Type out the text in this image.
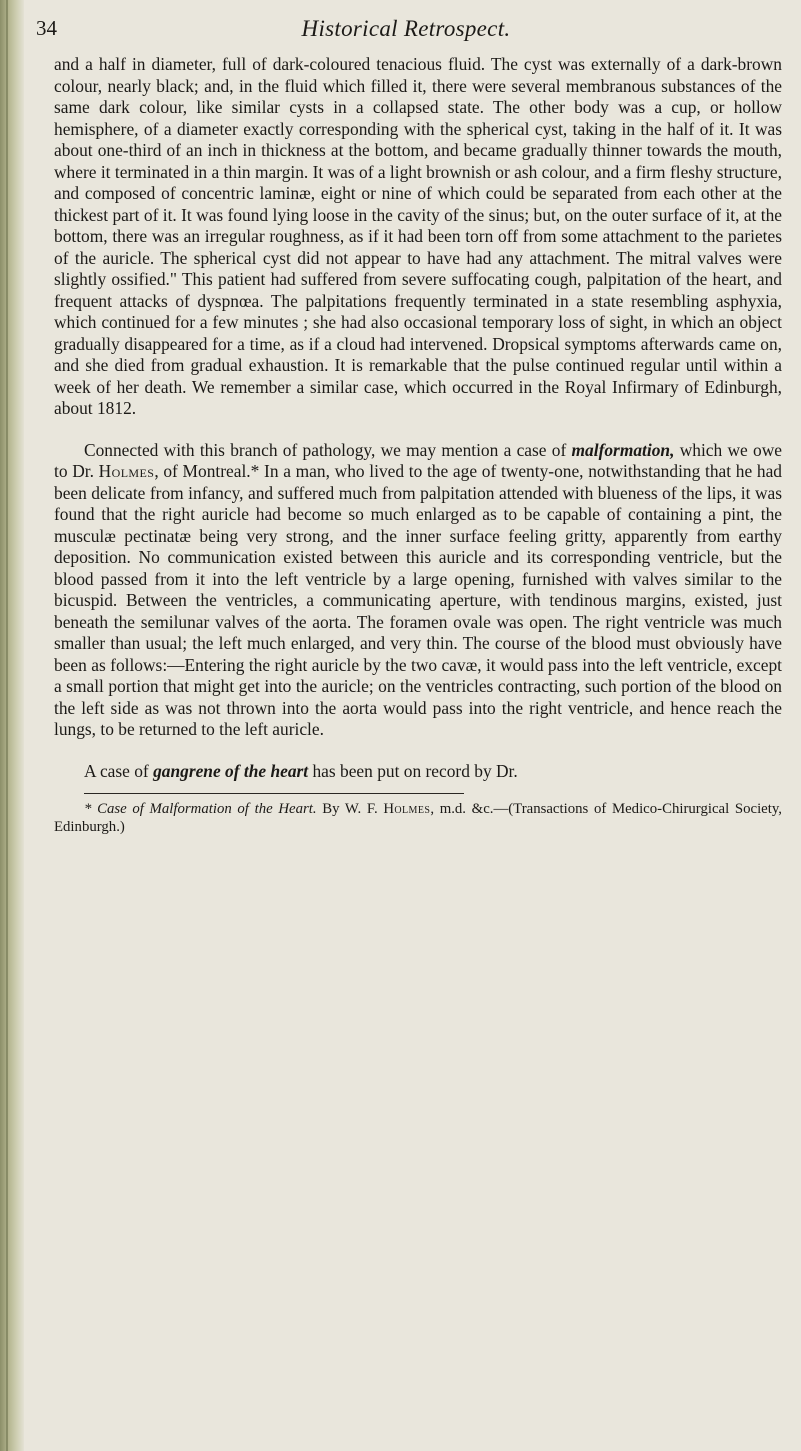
34	Historical Retrospect.

and a half in diameter, full of dark-coloured tenacious fluid. The cyst was externally of a dark-brown colour, nearly black; and, in the fluid which filled it, there were several membranous substances of the same dark colour, like similar cysts in a collapsed state. The other body was a cup, or hollow hemisphere, of a diameter exactly corresponding with the spherical cyst, taking in the half of it. It was about one-third of an inch in thickness at the bottom, and became gradually thinner towards the mouth, where it terminated in a thin margin. It was of a light brownish or ash colour, and a firm fleshy structure, and composed of concentric laminæ, eight or nine of which could be separated from each other at the thickest part of it. It was found lying loose in the cavity of the sinus; but, on the outer surface of it, at the bottom, there was an irregular roughness, as if it had been torn off from some attachment to the parietes of the auricle. The spherical cyst did not appear to have had any attachment. The mitral valves were slightly ossified." This patient had suffered from severe suffocating cough, palpitation of the heart, and frequent attacks of dyspnœa. The palpitations frequently terminated in a state resembling asphyxia, which continued for a few minutes ; she had also occasional temporary loss of sight, in which an object gradually disappeared for a time, as if a cloud had intervened. Dropsical symptoms afterwards came on, and she died from gradual exhaustion. It is remarkable that the pulse continued regular until within a week of her death. We remember a similar case, which occurred in the Royal Infirmary of Edinburgh, about 1812.

Connected with this branch of pathology, we may mention a case of malformation, which we owe to Dr. Holmes, of Montreal.* In a man, who lived to the age of twenty-one, notwithstanding that he had been delicate from infancy, and suffered much from palpitation attended with blueness of the lips, it was found that the right auricle had become so much enlarged as to be capable of containing a pint, the musculæ pectinatæ being very strong, and the inner surface feeling gritty, apparently from earthy deposition. No communication existed between this auricle and its corresponding ventricle, but the blood passed from it into the left ventricle by a large opening, furnished with valves similar to the bicuspid. Between the ventricles, a communicating aperture, with tendinous margins, existed, just beneath the semilunar valves of the aorta. The foramen ovale was open. The right ventricle was much smaller than usual; the left much enlarged, and very thin. The course of the blood must obviously have been as follows:—Entering the right auricle by the two cavæ, it would pass into the left ventricle, except a small portion that might get into the auricle; on the ventricles contracting, such portion of the blood on the left side as was not thrown into the aorta would pass into the right ventricle, and hence reach the lungs, to be returned to the left auricle.

A case of gangrene of the heart has been put on record by Dr.

* Case of Malformation of the Heart. By W. F. Holmes, m.d. &c.—(Transactions of Medico-Chirurgical Society, Edinburgh.)
